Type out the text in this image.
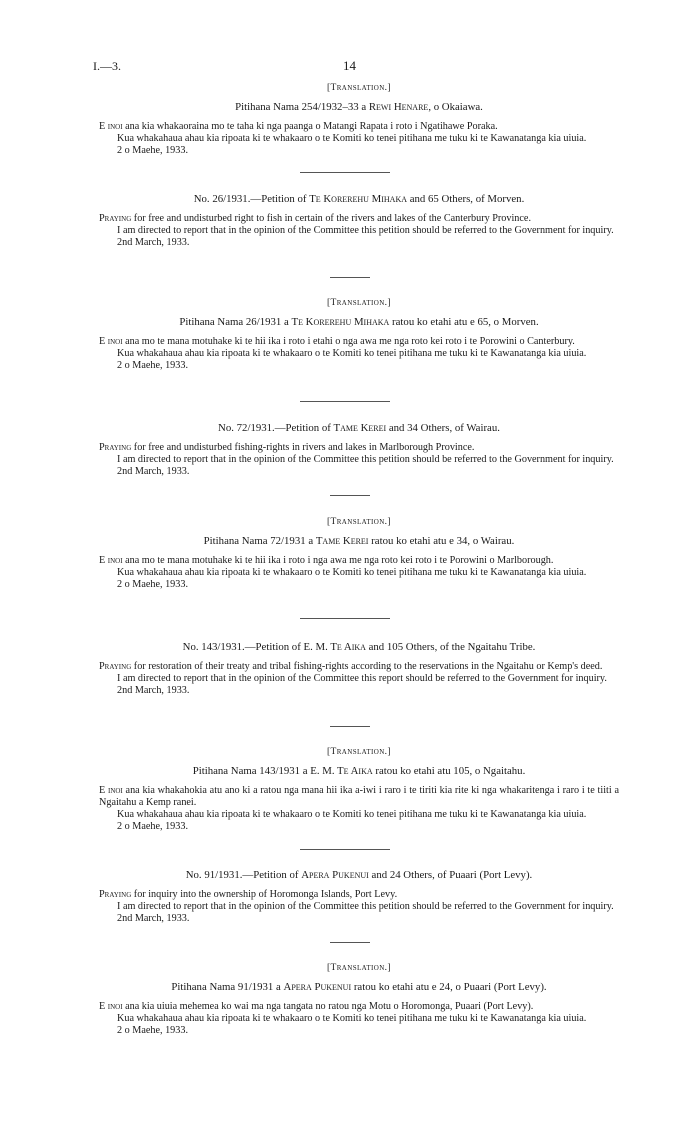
I.—3.	14
[Translation.]
Pitihana Nama 254/1932–33 a Rewi Henare, o Okaiawa.

E inoi ana kia whakaoraina mo te taha ki nga paanga o Matangi Rapata i roto i Ngatihawe Poraka.

Kua whakahaua ahau kia ripoata ki te whakaaro o te Komiti ko tenei pitihana me tuku ki te Kawanatanga kia uiuia.

2 o Maehe, 1933.

No. 26/1931.—Petition of Te Korerehu Mihaka and 65 Others, of Morven.

Praying for free and undisturbed right to fish in certain of the rivers and lakes of the Canterbury Province.

I am directed to report that in the opinion of the Committee this petition should be referred to the Government for inquiry.

2nd March, 1933.

[Translation.]
Pitihana Nama 26/1931 a Te Korerehu Mihaka ratou ko etahi atu e 65, o Morven.

E inoi ana mo te mana motuhake ki te hii ika i roto i etahi o nga awa me nga roto kei roto i te Porowini o Canterbury.

Kua whakahaua ahau kia ripoata ki te whakaaro o te Komiti ko tenei pitihana me tuku ki te Kawanatanga kia uiuia.

2 o Maehe, 1933.

No. 72/1931.—Petition of Tame Kerei and 34 Others, of Wairau.

Praying for free and undisturbed fishing-rights in rivers and lakes in Marlborough Province.

I am directed to report that in the opinion of the Committee this petition should be referred to the Government for inquiry.

2nd March, 1933.

[Translation.]
Pitihana Nama 72/1931 a Tame Kerei ratou ko etahi atu e 34, o Wairau.

E inoi ana mo te mana motuhake ki te hii ika i roto i nga awa me nga roto kei roto i te Porowini o Marlborough.

Kua whakahaua ahau kia ripoata ki te whakaaro o te Komiti ko tenei pitihana me tuku ki te Kawanatanga kia uiuia.

2 o Maehe, 1933.

No. 143/1931.—Petition of E. M. Te Aika and 105 Others, of the Ngaitahu Tribe.

Praying for restoration of their treaty and tribal fishing-rights according to the reservations in the Ngaitahu or Kemp's deed.

I am directed to report that in the opinion of the Committee this report should be referred to the Government for inquiry.

2nd March, 1933.

[Translation.]
Pitihana Nama 143/1931 a E. M. Te Aika ratou ko etahi atu 105, o Ngaitahu.

E inoi ana kia whakahokia atu ano ki a ratou nga mana hii ika a-iwi i raro i te tiriti kia rite ki nga whakaritenga i raro i te tiiti a Ngaitahu a Kemp ranei.

Kua whakahaua ahau kia ripoata ki te whakaaro o te Komiti ko tenei pitihana me tuku ki te Kawanatanga kia uiuia.

2 o Maehe, 1933.

No. 91/1931.—Petition of Apera Pukenui and 24 Others, of Puaari (Port Levy).

Praying for inquiry into the ownership of Horomonga Islands, Port Levy.

I am directed to report that in the opinion of the Committee this petition should be referred to the Government for inquiry.

2nd March, 1933.

[Translation.]
Pitihana Nama 91/1931 a Apera Pukenui ratou ko etahi atu e 24, o Puaari (Port Levy).

E inoi ana kia uiuia mehemea ko wai ma nga tangata no ratou nga Motu o Horomonga, Puaari (Port Levy).

Kua whakahaua ahau kia ripoata ki te whakaaro o te Komiti ko tenei pitihana me tuku ki te Kawanatanga kia uiuia.

2 o Maehe, 1933.
